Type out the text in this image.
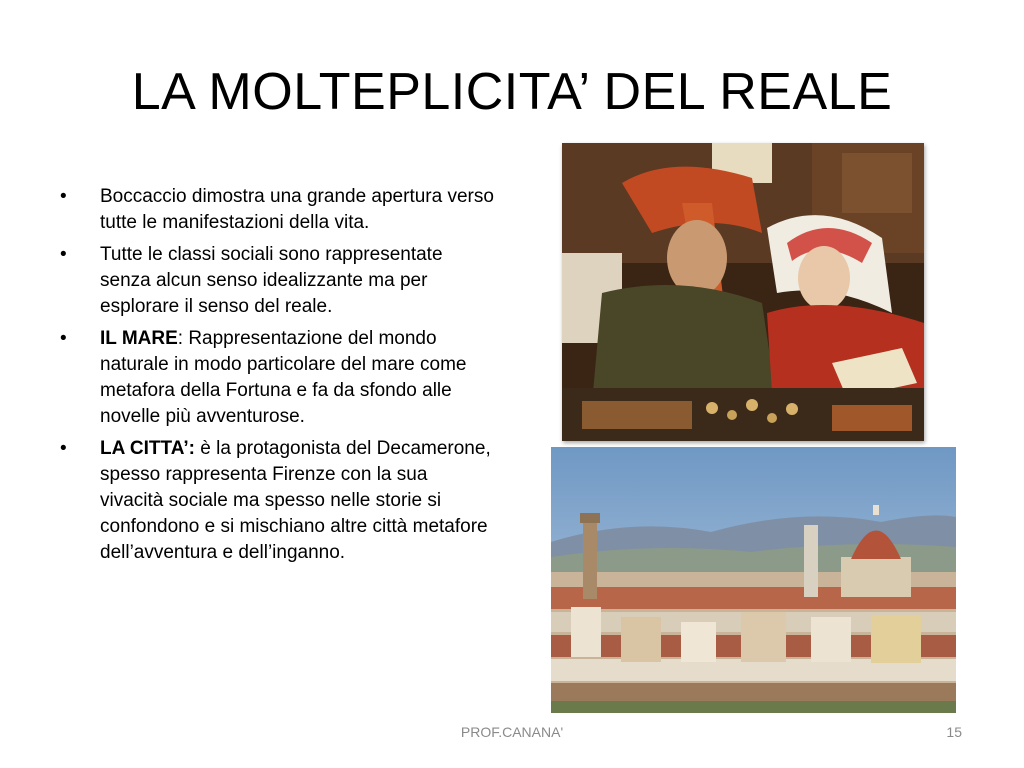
LA MOLTEPLICITA’ DEL REALE
• Boccaccio dimostra una grande apertura verso tutte le manifestazioni della vita.
• Tutte le classi sociali sono rappresentate senza alcun senso idealizzante ma per esplorare il senso del reale.
• IL MARE: Rappresentazione del mondo naturale in modo particolare del mare come metafora della Fortuna e fa da sfondo alle novelle più avventurose.
• LA CITTA’: è la protagonista del Decamerone, spesso rappresenta Firenze con la sua vivacità sociale ma spesso nelle storie si confondono e si mischiano altre città metafore dell’avventura e dell’inganno.
PROF.CANANA'	15
